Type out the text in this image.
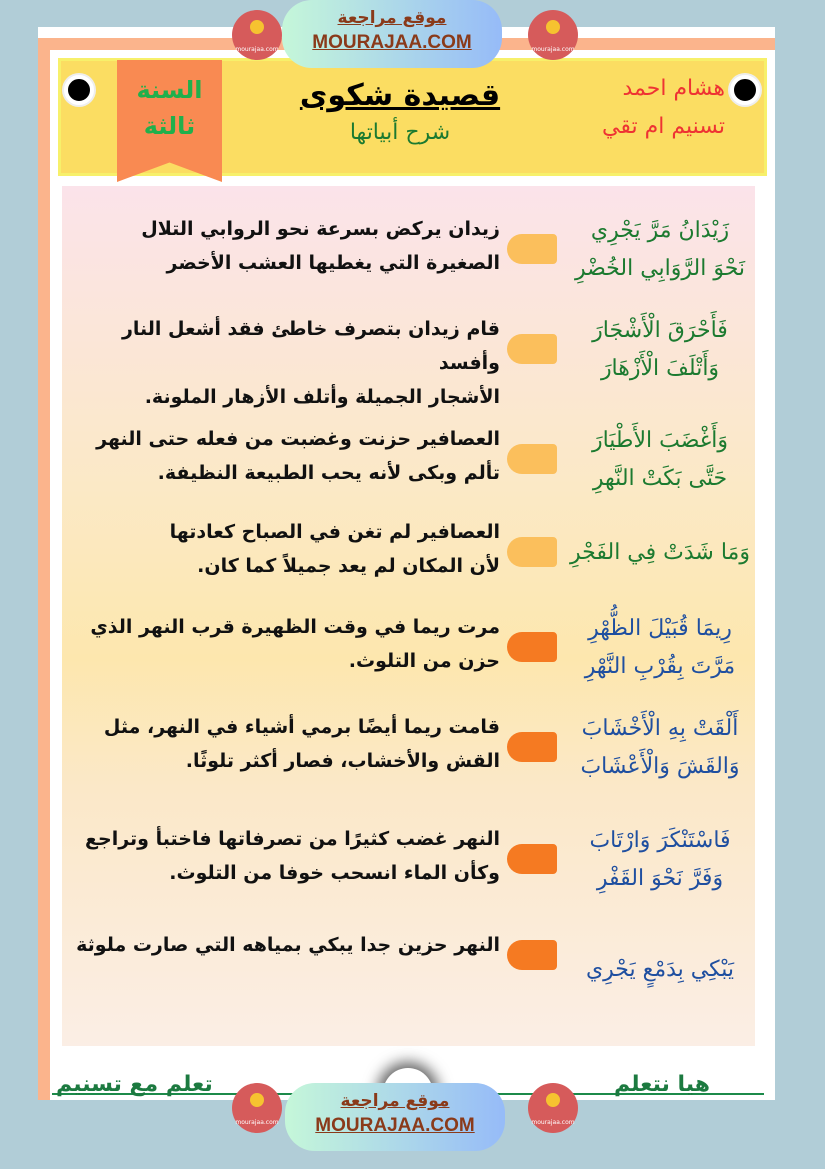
السنة
ثالثة
قصيدة شكوى
شرح أبياتها
هشام احمد
تسنيم ام تقي
زَيْدَانُ مَرَّ يَجْرِي
نَحْوَ الرَّوَابِي الخُضْرِ
زيدان يركض بسرعة نحو الروابي التلال
الصغيرة التي يغطيها العشب الأخضر
فَأَحْرَقَ الْأَشْجَارَ
وَأَتْلَفَ الْأَزْهَارَ
قام زيدان بتصرف خاطئ فقد أشعل النار وأفسد
الأشجار الجميلة وأتلف الأزهار الملونة.
وَأَغْضَبَ الأَطْيَارَ
حَتَّى بَكَتْ النَّهرِ
العصافير حزنت وغضبت من فعله حتى النهر
تألم وبكى لأنه يحب الطبيعة النظيفة.
وَمَا شَدَتْ فِي الفَجْرِ
العصافير لم تغن في الصباح كعادتها
لأن المكان لم يعد جميلاً كما كان.
رِيمَا قُبَيْلَ الظُّهْرِ
مَرَّتَ بِقُرْبِ النَّهْرِ
مرت ريما في وقت الظهيرة قرب النهر الذي
حزن من التلوث.
أَلْقَتْ بِهِ الْأَخْشَابَ
وَالقَشَ وَالْأَعْشَابَ
قامت ريما أيضًا برمي أشياء في النهر، مثل
القش والأخشاب، فصار أكثر تلوثًا.
فَاسْتَنْكَرَ وَارْتَابَ
وَفَرَّ نَحْوَ القَفْرِ
النهر غضب كثيرًا من تصرفاتها فاختبأ وتراجع
وكأن الماء انسحب خوفا من التلوث.
يَبْكِي بِدَمْعٍ يَجْرِي
النهر حزين جدا يبكي بمياهه التي صارت ملوثة
هيا نتعلم
تعلم مع تسنيم
mourajaa.com	mourajaa.com
موقع مراجعة
MOURAJAA.COM
mourajaa.com	mourajaa.com
موقع مراجعة
MOURAJAA.COM
